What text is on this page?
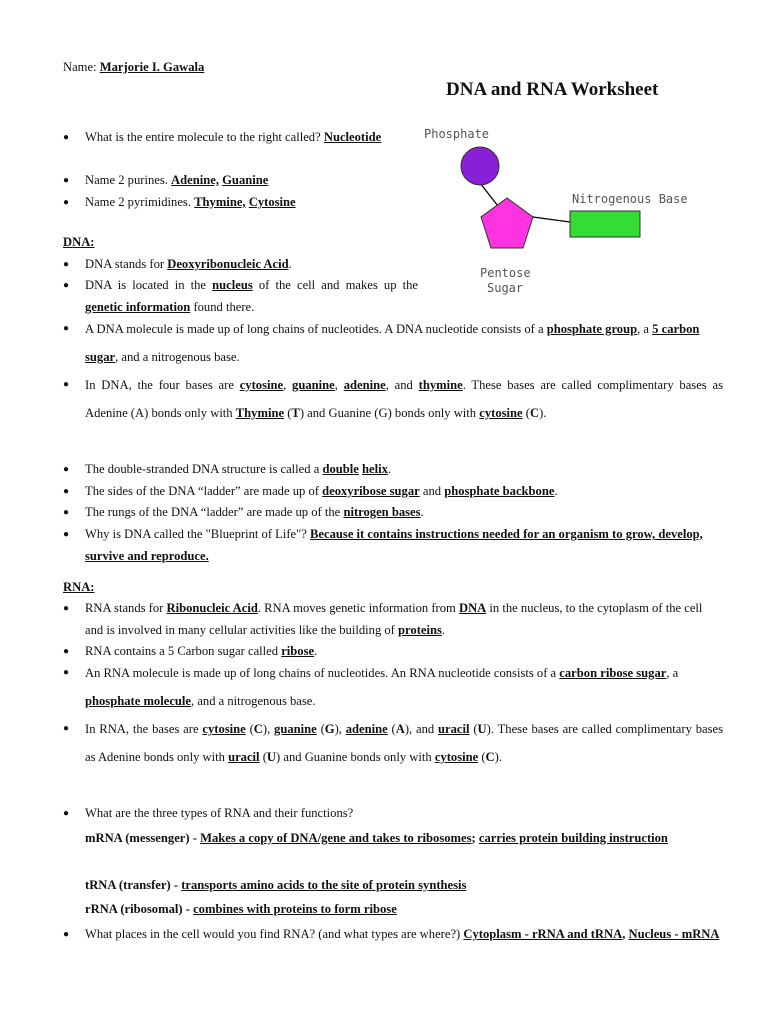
Name: Marjorie I. Gawala
DNA and RNA Worksheet
Phosphate
Nitrogenous Base
Pentose
Sugar
●	What is the entire molecule to the right called? Nucleotide
●	Name 2 purines. Adenine, Guanine
●	Name 2 pyrimidines. Thymine, Cytosine
DNA:
●	DNA stands for Deoxyribonucleic Acid.
●	DNA is located in the nucleus of the cell and makes up the genetic information found there.
●	A DNA molecule is made up of long chains of nucleotides. A DNA nucleotide consists of a phosphate group, a 5 carbon sugar, and a nitrogenous base.
●	In DNA, the four bases are cytosine, guanine, adenine, and thymine. These bases are called complimentary bases as Adenine (A) bonds only with Thymine (T) and Guanine (G) bonds only with cytosine (C).
●	The double-stranded DNA structure is called a double helix.
●	The sides of the DNA “ladder” are made up of deoxyribose sugar and phosphate backbone.
●	The rungs of the DNA “ladder” are made up of the nitrogen bases.
●	Why is DNA called the "Blueprint of Life"? Because it contains instructions needed for an organism to grow, develop, survive and reproduce.
RNA:
●	RNA stands for Ribonucleic Acid. RNA moves genetic information from DNA in the nucleus, to the cytoplasm of the cell and is involved in many cellular activities like the building of proteins.
●	RNA contains a 5 Carbon sugar called ribose.
●	An RNA molecule is made up of long chains of nucleotides. An RNA nucleotide consists of a carbon ribose sugar, a phosphate molecule, and a nitrogenous base.
●	In RNA, the bases are cytosine (C), guanine (G), adenine (A), and uracil (U). These bases are called complimentary bases as Adenine bonds only with uracil (U) and Guanine bonds only with cytosine (C).
●	What are the three types of RNA and their functions?
mRNA (messenger) - Makes a copy of DNA/gene and takes to ribosomes; carries protein building instruction
tRNA (transfer) - transports amino acids to the site of protein synthesis
rRNA (ribosomal) - combines with proteins to form ribose
●	What places in the cell would you find RNA? (and what types are where?) Cytoplasm - rRNA and tRNA, Nucleus - mRNA
